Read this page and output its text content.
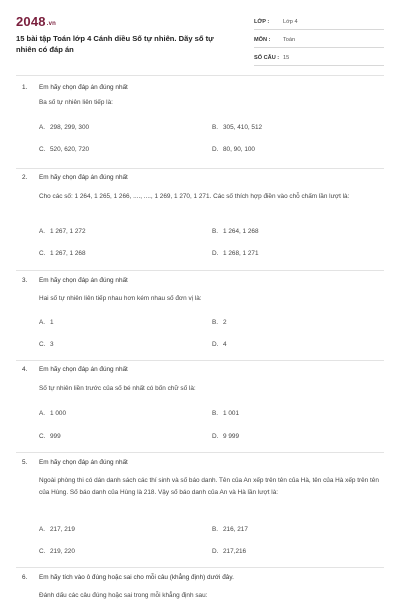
2048.vn
15 bài tập Toán lớp 4 Cánh diều Số tự nhiên. Dãy số tự nhiên có đáp án
LỚP :	Lớp 4
MÔN :	Toán
SỐ CÂU : 15
1. Em hãy chọn đáp án đúng nhất
Ba số tự nhiên liên tiếp là:
A. 298, 299, 300	B. 305, 410, 512
C. 520, 620, 720	D. 80, 90, 100
2. Em hãy chọn đáp án đúng nhất
Cho các số: 1 264, 1 265, 1 266, ...., ...., 1 269, 1 270, 1 271. Các số thích hợp điền vào chỗ chấm lần lượt là:
A. 1 267, 1 272	B. 1 264, 1 268
C. 1 267, 1 268	D. 1 268, 1 271
3. Em hãy chọn đáp án đúng nhất
Hai số tự nhiên liên tiếp nhau hơn kém nhau số đơn vị là:
A. 1	B. 2
C. 3	D. 4
4. Em hãy chọn đáp án đúng nhất
Số tự nhiên liền trước của số bé nhất có bốn chữ số là:
A. 1 000	B. 1 001
C. 999	D. 9 999
5. Em hãy chọn đáp án đúng nhất
Ngoài phòng thi có dán danh sách các thí sinh và số báo danh. Tên của An xếp trên tên của Hà, tên của Hà xếp trên tên của Hùng. Số báo danh của Hùng là 218. Vậy số báo danh của An và Hà lần lượt là:
A. 217, 219	B. 216, 217
C. 219, 220	D. 217,216
6. Em hãy tích vào ô đúng hoặc sai cho mỗi câu (khẳng định) dưới đây.
Đánh dấu các câu đúng hoặc sai trong mỗi khẳng định sau:
